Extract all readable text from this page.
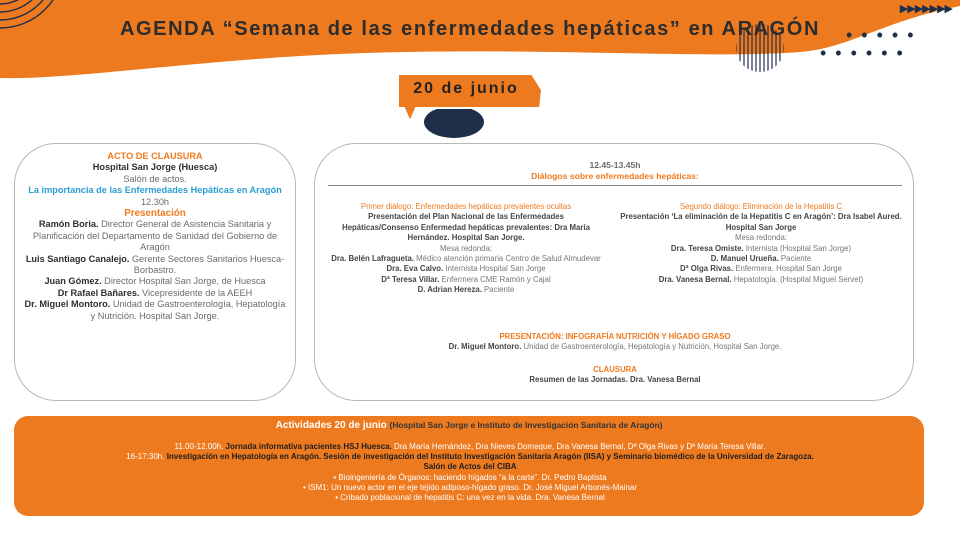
AGENDA “Semana de las enfermedades hepáticas” en ARAGÓN
▶▶▶▶▶▶▶
•••••
••••••
20 de junio
ACTO DE CLAUSURA
Hospital San Jorge (Huesca)
Salón de actos.
La importancia de las Enfermedades Hepáticas en Aragón
12.30h
Presentación
Ramón Boria. Director General de Asistencia Sanitaria y Planificación del Departamento de Sanidad del Gobierno de Aragón
Luis Santiago Canalejo. Gerente Sectores Sanitarios Huesca-Borbastro.
Juan Gómez. Director Hospital San Jorge, de Huesca
Dr Rafael Bañares. Vicepresidente de la AEEH
Dr. Miguel Montoro. Unidad de Gastroenterología, Hepatología y Nutrición. Hospital San Jorge.
12.45-13.45h
Diálogos sobre enfermedades hepáticas:
Primer diálogo: Enfermedades hepáticas prevalentes ocultas
Presentación del Plan Nacional de las Enfermedades Hepáticas/Consenso Enfermedad hepáticas prevalentes: Dra María Hernández. Hospital San Jorge.
Mesa redonda:
Dra. Belén Lafragueta. Médico atención primaria Centro de Salud Almudevar
Dra. Eva Calvo. Internista Hospital San Jorge
Dª Teresa Villar. Enfermera CME Ramón y Cajal
D. Adrian Hereza. Paciente
Segundo diálogo: Eliminación de la Hepatitis C
Presentación ‘La eliminación de la Hepatitis C en Aragón’: Dra Isabel Aured. Hospital San Jorge
Mesa redonda:
Dra. Teresa Omiste. Internista (Hospital San Jorge)
D. Manuel Urueña. Paciente
Dª Olga Rivas. Enfermera. Hospital San Jorge
Dra. Vanesa Bernal. Hepatología. (Hospital Miguel Servet)
PRESENTACIÓN: INFOGRAFÍA NUTRICIÓN Y HÍGADO GRASO
Dr. Miguel Montoro. Unidad de Gastroenterología, Hepatología y Nutrición, Hospital San Jorge.
CLAUSURA
Resumen de las Jornadas. Dra. Vanesa Bernal
Actividades 20 de junio (Hospital San Jorge e Instituto de Investigación Sanitaria de Aragón)
11.00-12.00h. Jornada informativa pacientes HSJ Huesca. Dra María Hernández, Dra Nieves Domeque, Dra Vanesa Bernal, Dª Olga Rivas y Dª María Teresa Villar.
16-17:30h. Investigación en Hepatología en Aragón. Sesión de investigación del Instituto Investigación Sanitaria Aragón (IISA) y Seminario biomédico de la Universidad de Zaragoza.
Salón de Actos del CIBA
• Bioingeniería de Órganos: haciendo hígados “a la carte”. Dr. Pedro Baptista
• ISM1: Un nuevo actor en el eje tejido adiposo-hígado graso. Dr. José Miguel Arbonés-Mainar
• Cribado poblacional de hepatitis C: una vez en la vida. Dra. Vanesa Bernal
